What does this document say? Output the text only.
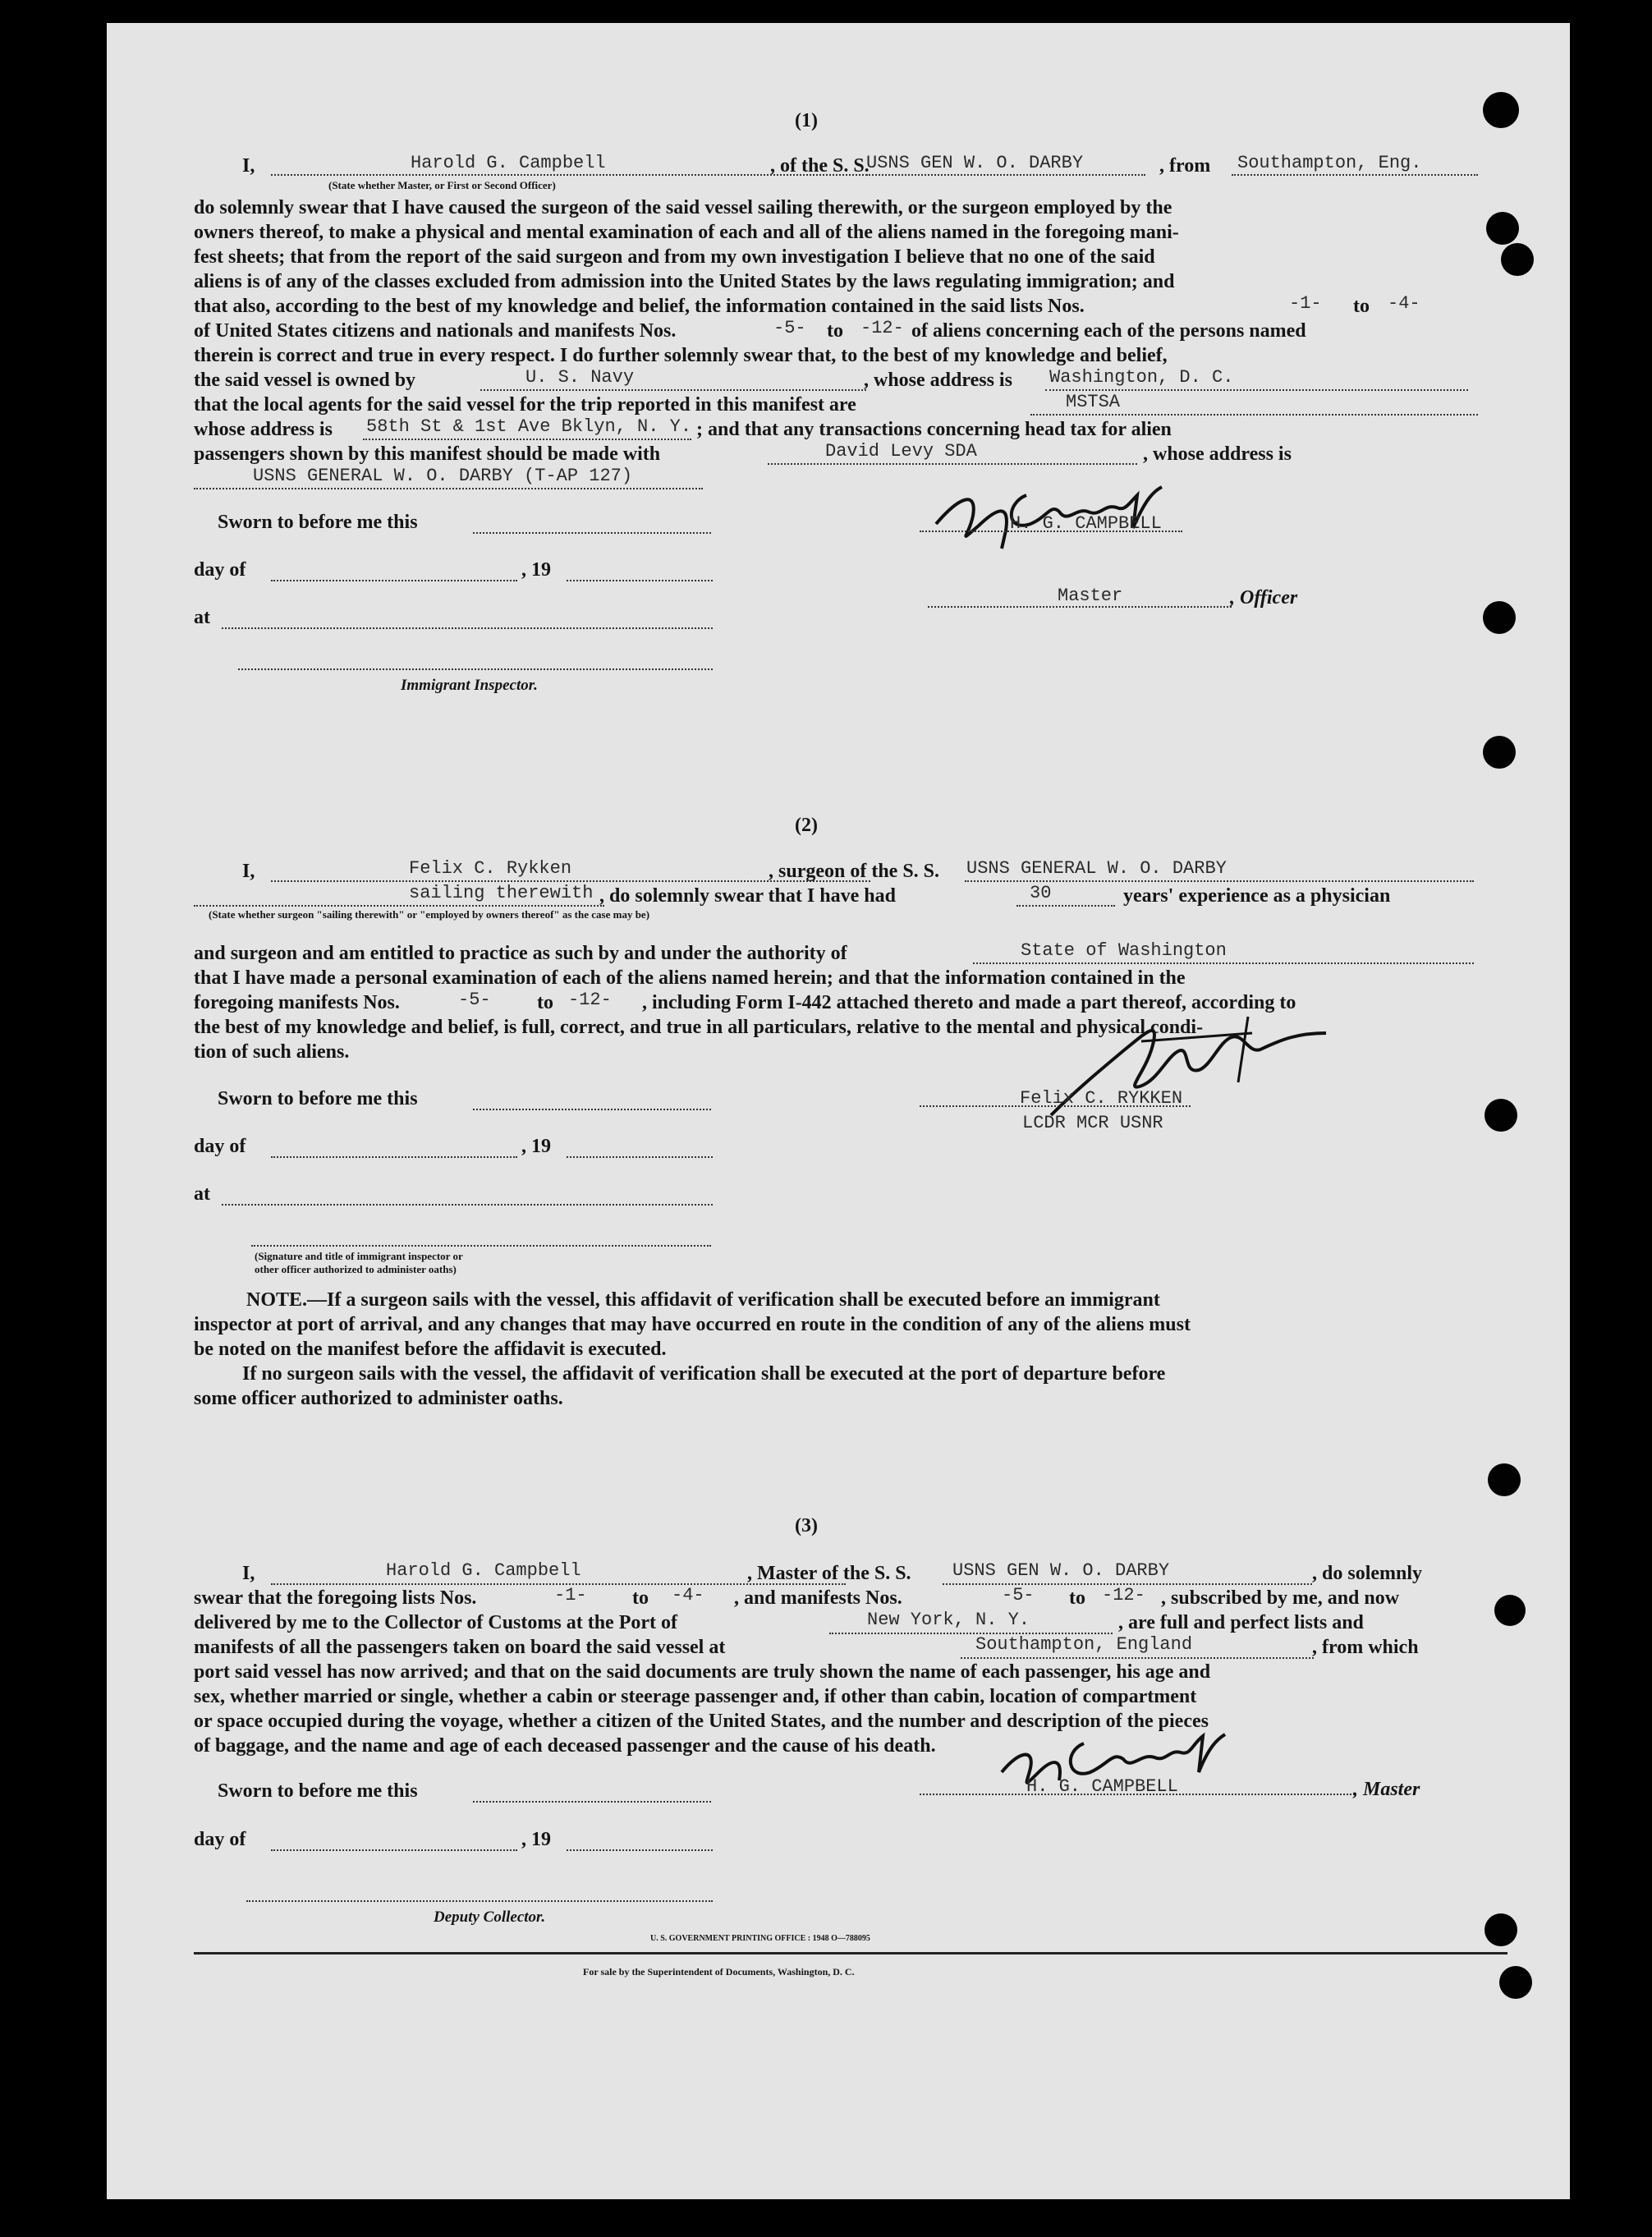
(1)
I,	Harold G. Campbell	, of the S. S.
USNS GEN W. O. DARBY	, from Southampton, Eng.
(State whether Master, or First or Second Officer)
do solemnly swear that I have caused the surgeon of the said vessel sailing therewith, or the surgeon employed by the
owners thereof, to make a physical and mental examination of each and all of the aliens named in the foregoing mani-
fest sheets; that from the report of the said surgeon and from my own investigation I believe that no one of the said
aliens is of any of the classes excluded from admission into the United States by the laws regulating immigration; and
that also, according to the best of my knowledge and belief, the information contained in the said lists Nos.	-1- to -4-
of United States citizens and nationals and manifests Nos.	-5- to -12- of aliens concerning each of the persons named
therein is correct and true in every respect. I do further solemnly swear that, to the best of my knowledge and belief,
the said vessel is owned by	U. S. Navy	, whose address is Washington, D. C.
that the local agents for the said vessel for the trip reported in this manifest are	MSTSA
whose address is 58th St & 1st Ave Bklyn, N. Y. ; and that any transactions concerning head tax for alien
passengers shown by this manifest should be made with	David Levy SDA	, whose address is
USNS GENERAL W. O. DARBY (T-AP 127)
Sworn to before me this
day of	, 19
at
Immigrant Inspector.
H. G. CAMPBELL
Master	, Officer
(2)
I,	Felix C. Rykken	, surgeon of the S. S. USNS GENERAL W. O. DARBY
sailing therewith , do solemnly swear that I have had	30	years' experience as a physician
(State whether surgeon "sailing therewith" or "employed by owners thereof" as the case may be)
and surgeon and am entitled to practice as such by and under the authority of	State of Washington
that I have made a personal examination of each of the aliens named herein; and that the information contained in the
foregoing manifests Nos.	-5- to -12- , including Form I-442 attached thereto and made a part thereof, according to
the best of my knowledge and belief, is full, correct, and true in all particulars, relative to the mental and physical condi-
tion of such aliens.
Sworn to before me this
day of	, 19
at
(Signature and title of immigrant inspector or
other officer authorized to administer oaths)
Felix C. RYKKEN
LCDR MCR USNR
NOTE.—If a surgeon sails with the vessel, this affidavit of verification shall be executed before an immigrant
inspector at port of arrival, and any changes that may have occurred en route in the condition of any of the aliens must
be noted on the manifest before the affidavit is executed.
If no surgeon sails with the vessel, the affidavit of verification shall be executed at the port of departure before
some officer authorized to administer oaths.
(3)
I,	Harold G. Campbell	, Master of the S. S. USNS GEN W. O. DARBY	, do solemnly
swear that the foregoing lists Nos.	-1- to -4- , and manifests Nos.	-5- to -12- , subscribed by me, and now
delivered by me to the Collector of Customs at the Port of	New York, N. Y.	, are full and perfect lists and
manifests of all the passengers taken on board the said vessel at	Southampton, England	, from which
port said vessel has now arrived; and that on the said documents are truly shown the name of each passenger, his age and
sex, whether married or single, whether a cabin or steerage passenger and, if other than cabin, location of compartment
or space occupied during the voyage, whether a citizen of the United States, and the number and description of the pieces
of baggage, and the name and age of each deceased passenger and the cause of his death.
Sworn to before me this
day of	, 19
Deputy Collector.
H. G. CAMPBELL	, Master
U. S. GOVERNMENT PRINTING OFFICE : 1948 O—788095
For sale by the Superintendent of Documents, Washington, D. C.
